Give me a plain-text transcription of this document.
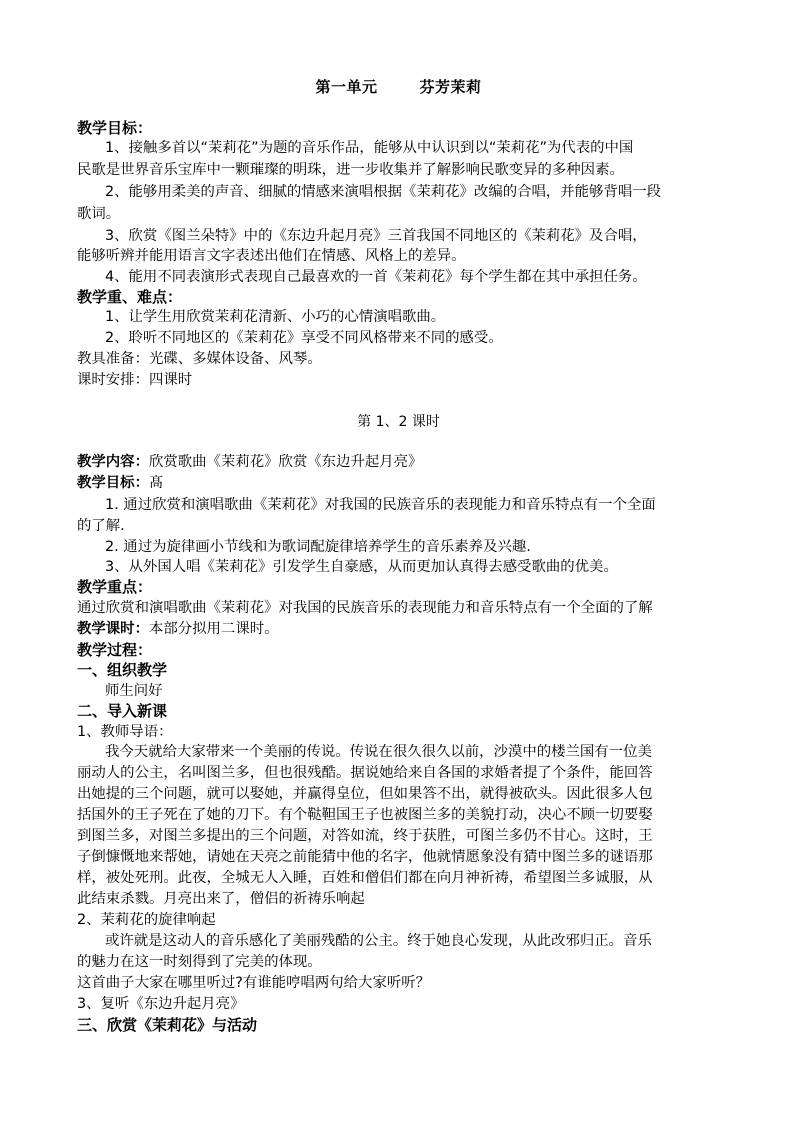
第一单元	芬芳茉莉
教学目标：
1、接触多首以“茉莉花”为题的音乐作品，能够从中认识到以“茉莉花”为代表的中国
民歌是世界音乐宝库中一颗璀璨的明珠，进一步收集并了解影响民歌变异的多种因素。
2、能够用柔美的声音、细腻的情感来演唱根据《茉莉花》改编的合唱，并能够背唱一段
歌词。
3、欣赏《图兰朵特》中的《东边升起月亮》三首我国不同地区的《茉莉花》及合唱，
能够听辨并能用语言文字表述出他们在情感、风格上的差异。
4、能用不同表演形式表现自己最喜欢的一首《茉莉花》每个学生都在其中承担任务。
教学重、难点：
1、让学生用欣赏茉莉花清新、小巧的心情演唱歌曲。
2、聆听不同地区的《茉莉花》享受不同风格带来不同的感受。
教具准备：光碟、多媒体设备、风琴。
课时安排：四课时
第 1、2 课时
教学内容：欣赏歌曲《茉莉花》欣赏《东边升起月亮》
教学目标：髙
1. 通过欣赏和演唱歌曲《茉莉花》对我国的民族音乐的表现能力和音乐特点有一个全面
的了解.
2. 通过为旋律画小节线和为歌词配旋律培养学生的音乐素养及兴趣.
3、从外国人唱《茉莉花》引发学生自豪感，从而更加认真得去感受歌曲的优美。
教学重点：
通过欣赏和演唱歌曲《茉莉花》对我国的民族音乐的表现能力和音乐特点有一个全面的了解
教学课时：本部分拟用二课时。
教学过程：
一、组织教学
师生问好
二、导入新课
1、教师导语：
我今天就给大家带来一个美丽的传说。传说在很久很久以前，沙漠中的楼兰国有一位美
丽动人的公主，名叫图兰多，但也很残酷。据说她给来自各国的求婚者提了个条件，能回答
出她提的三个问题，就可以娶她，并赢得皇位，但如果答不出，就得被砍头。因此很多人包
括国外的王子死在了她的刀下。有个鞑靼国王子也被图兰多的美貌打动，决心不顾一切要娶
到图兰多，对图兰多提出的三个问题，对答如流，终于获胜，可图兰多仍不甘心。这时，王
子倒慷慨地来帮她，请她在天亮之前能猜中他的名字，他就情愿象没有猜中图兰多的谜语那
样，被处死刑。此夜，全城无人入睡，百姓和僧侣们都在向月神祈祷，希望图兰多诚服，从
此结束杀戮。月亮出来了，僧侣的祈祷乐响起
2、茉莉花的旋律响起
或许就是这动人的音乐感化了美丽残酷的公主。终于她良心发现，从此改邪归正。音乐
的魅力在这一时刻得到了完美的体现。
这首曲子大家在哪里听过?有谁能哼唱两句给大家听听？
3、复听《东边升起月亮》
三、欣赏《茉莉花》与活动
